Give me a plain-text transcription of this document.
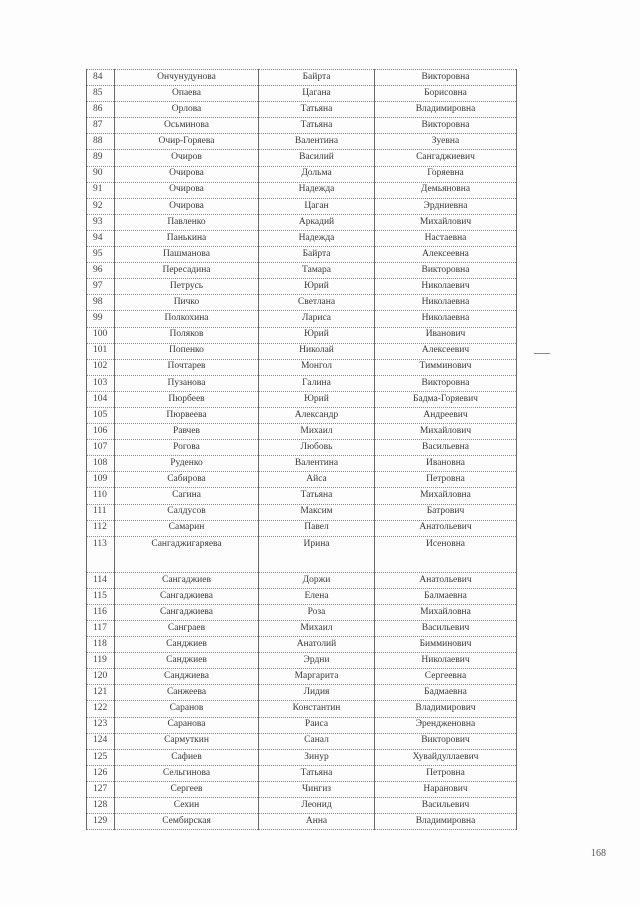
84	Ончунудунова	Байрта	Викторовна
85	Опаева	Цагана	Борисовна
86	Орлова	Татьяна	Владимировна
87	Осьминова	Татьяна	Викторовна
88	Очир-Горяева	Валентина	Зуевна
89	Очиров	Василий	Сангаджиевич
90	Очирова	Дольма	Горяевна
91	Очирова	Надежда	Демьяновна
92	Очирова	Цаган	Эрдниевна
93	Павленко	Аркадий	Михайлович
94	Панькина	Надежда	Настаевна
95	Пашманова	Байрта	Алексеевна
96	Пересадина	Тамара	Викторовна
97	Петрусь	Юрий	Николаевич
98	Пичко	Светлана	Николаевна
99	Полкохина	Лариса	Николаевна
100	Поляков	Юрий	Иванович
101	Попенко	Николай	Алексеевич
102	Почтарев	Монгол	Тимминович
103	Пузанова	Галина	Викторовна
104	Пюрбеев	Юрий	Бадма-Горяевич
105	Пюрвеева	Александр	Андреевич
106	Равчев	Михаил	Михайлович
107	Рогова	Любовь	Васильевна
108	Руденко	Валентина	Ивановна
109	Сабирова	Айса	Петровна
110	Сагина	Татьяна	Михайловна
111	Салдусов	Максим	Батрович
112	Самарин	Павел	Анатольевич
113	Сангаджигаряева	Ирина	Исеновна
114	Сангаджиев	Доржи	Анатольевич
115	Сангаджиева	Елена	Балмаевна
116	Сангаджиева	Роза	Михайловна
117	Санграев	Михаил	Васильевич
118	Санджиев	Анатолий	Бимминович
119	Санджиев	Эрдни	Николаевич
120	Санджиева	Маргарита	Сергеевна
121	Санжеева	Лидия	Бадмаевна
122	Саранов	Константин	Владимирович
123	Саранова	Раиса	Эрендженовна
124	Сармуткин	Санал	Викторович
125	Сафиев	Зинур	Хувайдуллаевич
126	Сельгинова	Татьяна	Петровна
127	Сергеев	Чингиз	Наранович
128	Сехин	Леонид	Васильевич
129	Сембирская	Анна	Владимировна
168
